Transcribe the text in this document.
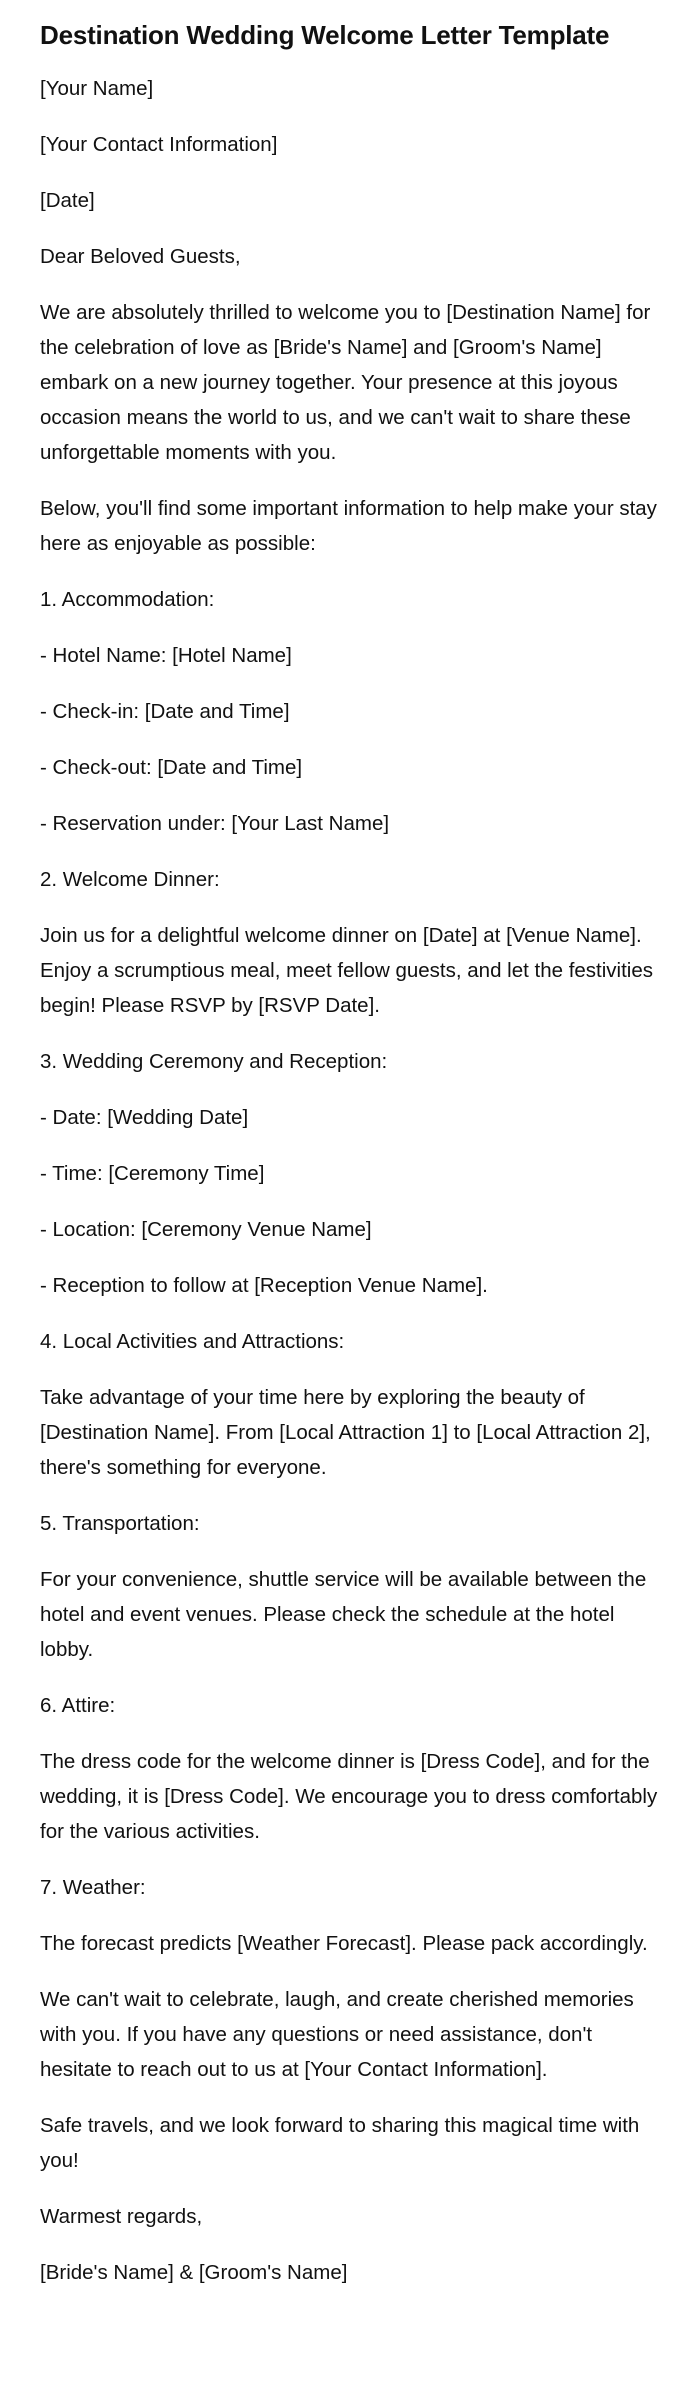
Destination Wedding Welcome Letter Template

[Your Name]

[Your Contact Information]

[Date]

Dear Beloved Guests,

We are absolutely thrilled to welcome you to [Destination Name] for the celebration of love as [Bride's Name] and [Groom's Name] embark on a new journey together. Your presence at this joyous occasion means the world to us, and we can't wait to share these unforgettable moments with you.

Below, you'll find some important information to help make your stay here as enjoyable as possible:

1. Accommodation:

- Hotel Name: [Hotel Name]

- Check-in: [Date and Time]

- Check-out: [Date and Time]

- Reservation under: [Your Last Name]

2. Welcome Dinner:

Join us for a delightful welcome dinner on [Date] at [Venue Name]. Enjoy a scrumptious meal, meet fellow guests, and let the festivities begin! Please RSVP by [RSVP Date].

3. Wedding Ceremony and Reception:

- Date: [Wedding Date]

- Time: [Ceremony Time]

- Location: [Ceremony Venue Name]

- Reception to follow at [Reception Venue Name].

4. Local Activities and Attractions:

Take advantage of your time here by exploring the beauty of [Destination Name]. From [Local Attraction 1] to [Local Attraction 2], there's something for everyone.

5. Transportation:

For your convenience, shuttle service will be available between the hotel and event venues. Please check the schedule at the hotel lobby.

6. Attire:

The dress code for the welcome dinner is [Dress Code], and for the wedding, it is [Dress Code]. We encourage you to dress comfortably for the various activities.

7. Weather:

The forecast predicts [Weather Forecast]. Please pack accordingly.

We can't wait to celebrate, laugh, and create cherished memories with you. If you have any questions or need assistance, don't hesitate to reach out to us at [Your Contact Information].

Safe travels, and we look forward to sharing this magical time with you!

Warmest regards,

[Bride's Name] & [Groom's Name]
